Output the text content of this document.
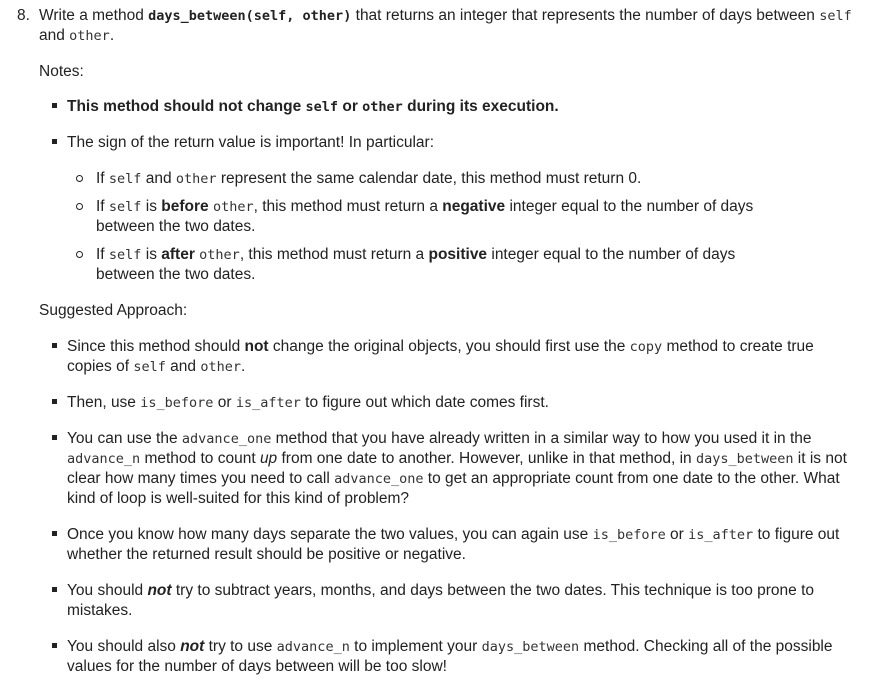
8. Write a method days_between(self, other) that returns an integer that represents the number of days between self and other.
Notes:
This method should not change self or other during its execution.
The sign of the return value is important! In particular:
If self and other represent the same calendar date, this method must return 0.
If self is before other, this method must return a negative integer equal to the number of days between the two dates.
If self is after other, this method must return a positive integer equal to the number of days between the two dates.
Suggested Approach:
Since this method should not change the original objects, you should first use the copy method to create true copies of self and other.
Then, use is_before or is_after to figure out which date comes first.
You can use the advance_one method that you have already written in a similar way to how you used it in the advance_n method to count up from one date to another. However, unlike in that method, in days_between it is not clear how many times you need to call advance_one to get an appropriate count from one date to the other. What kind of loop is well-suited for this kind of problem?
Once you know how many days separate the two values, you can again use is_before or is_after to figure out whether the returned result should be positive or negative.
You should not try to subtract years, months, and days between the two dates. This technique is too prone to mistakes.
You should also not try to use advance_n to implement your days_between method. Checking all of the possible values for the number of days between will be too slow!
